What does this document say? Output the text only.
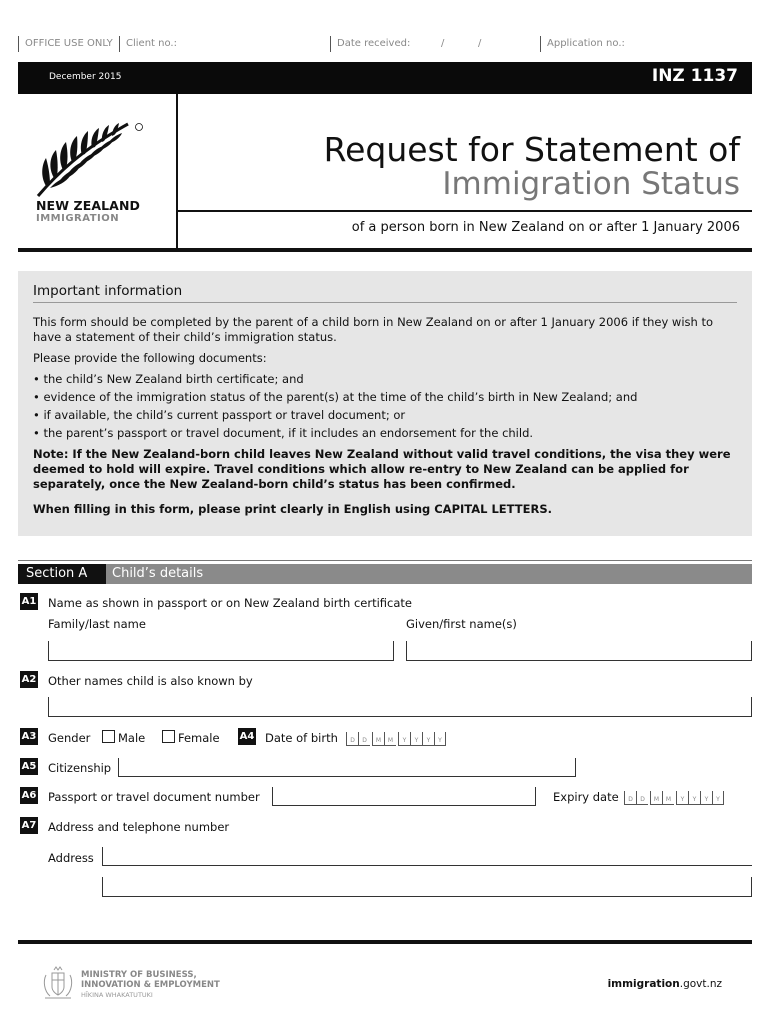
OFFICE USE ONLY	Client no.:	Date received:	/	/	Application no.:
December 2015	INZ 1137
NEW ZEALAND
IMMIGRATION
Request for Statement of
Immigration Status
of a person born in New Zealand on or after 1 January 2006
Important information

This form should be completed by the parent of a child born in New Zealand on or after 1 January 2006 if they wish to have a statement of their child’s immigration status.

Please provide the following documents:

• the child’s New Zealand birth certificate; and
• evidence of the immigration status of the parent(s) at the time of the child’s birth in New Zealand; and
• if available, the child’s current passport or travel document; or
• the parent’s passport or travel document, if it includes an endorsement for the child.

Note: If the New Zealand-born child leaves New Zealand without valid travel conditions, the visa they were deemed to hold will expire. Travel conditions which allow re-entry to New Zealand can be applied for separately, once the New Zealand-born child’s status has been confirmed.

When filling in this form, please print clearly in English using CAPITAL LETTERS.

Section A	Child’s details
A1 Name as shown in passport or on New Zealand birth certificate
Family/last name	Given/first name(s)
A2 Other names child is also known by
A3 Gender Male	Female A4 Date of birth	D	D	M	M	Y	Y	Y	Y
A5 Citizenship
A6 Passport or travel document number	Expiry date	D	D	M	M	Y	Y	Y	Y
A7 Address and telephone number
Address
MINISTRY OF BUSINESS,
INNOVATION & EMPLOYMENT
HĪKINA WHAKATUTUKI
immigration.govt.nz
